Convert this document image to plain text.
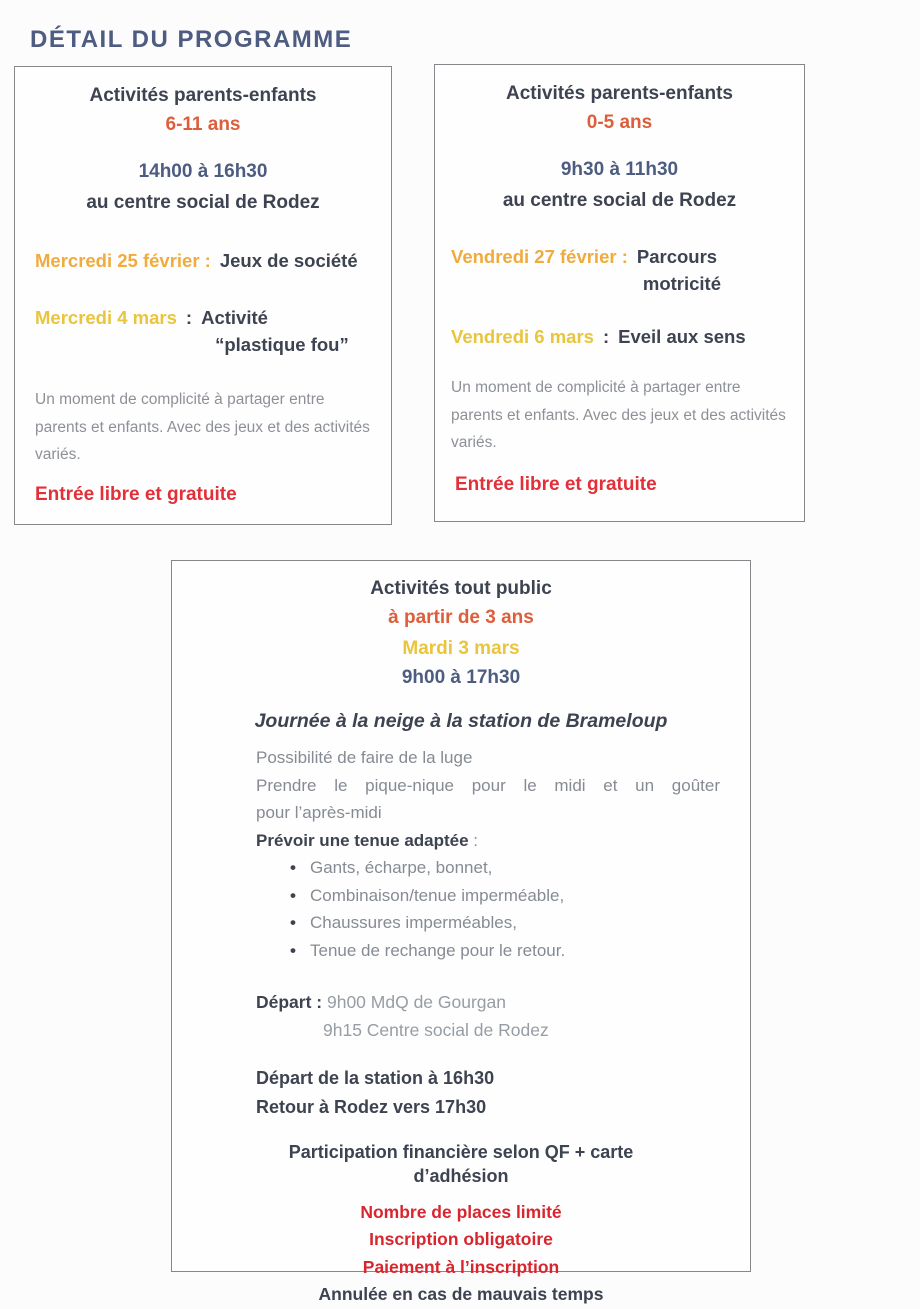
DÉTAIL DU PROGRAMME
Activités parents-enfants
6-11 ans
14h00 à 16h30
au centre social de Rodez
Mercredi 25 février : Jeux de société
Mercredi 4 mars : Activité
“plastique fou”

Un moment de complicité à partager entre parents et enfants. Avec des jeux et des activités variés.

Entrée libre et gratuite
Activités parents-enfants
0-5 ans
9h30 à 11h30
au centre social de Rodez
Vendredi 27 février : Parcours
motricité
Vendredi 6 mars : Eveil aux sens

Un moment de complicité à partager entre parents et enfants. Avec des jeux et des activités variés.

Entrée libre et gratuite
Activités tout public
à partir de 3 ans
Mardi 3 mars
9h00 à 17h30
Journée à la neige à la station de Brameloup
Possibilité de faire de la luge
Prendre le pique-nique pour le midi et un goûter
pour l’après-midi
Prévoir une tenue adaptée :
• Gants, écharpe, bonnet,
• Combinaison/tenue imperméable,
• Chaussures imperméables,
• Tenue de rechange pour le retour.
Départ : 9h00 MdQ de Gourgan
9h15 Centre social de Rodez
Départ de la station à 16h30
Retour à Rodez vers 17h30
Participation financière selon QF + carte d’adhésion
Nombre de places limité
Inscription obligatoire
Paiement à l’inscription
Annulée en cas de mauvais temps
